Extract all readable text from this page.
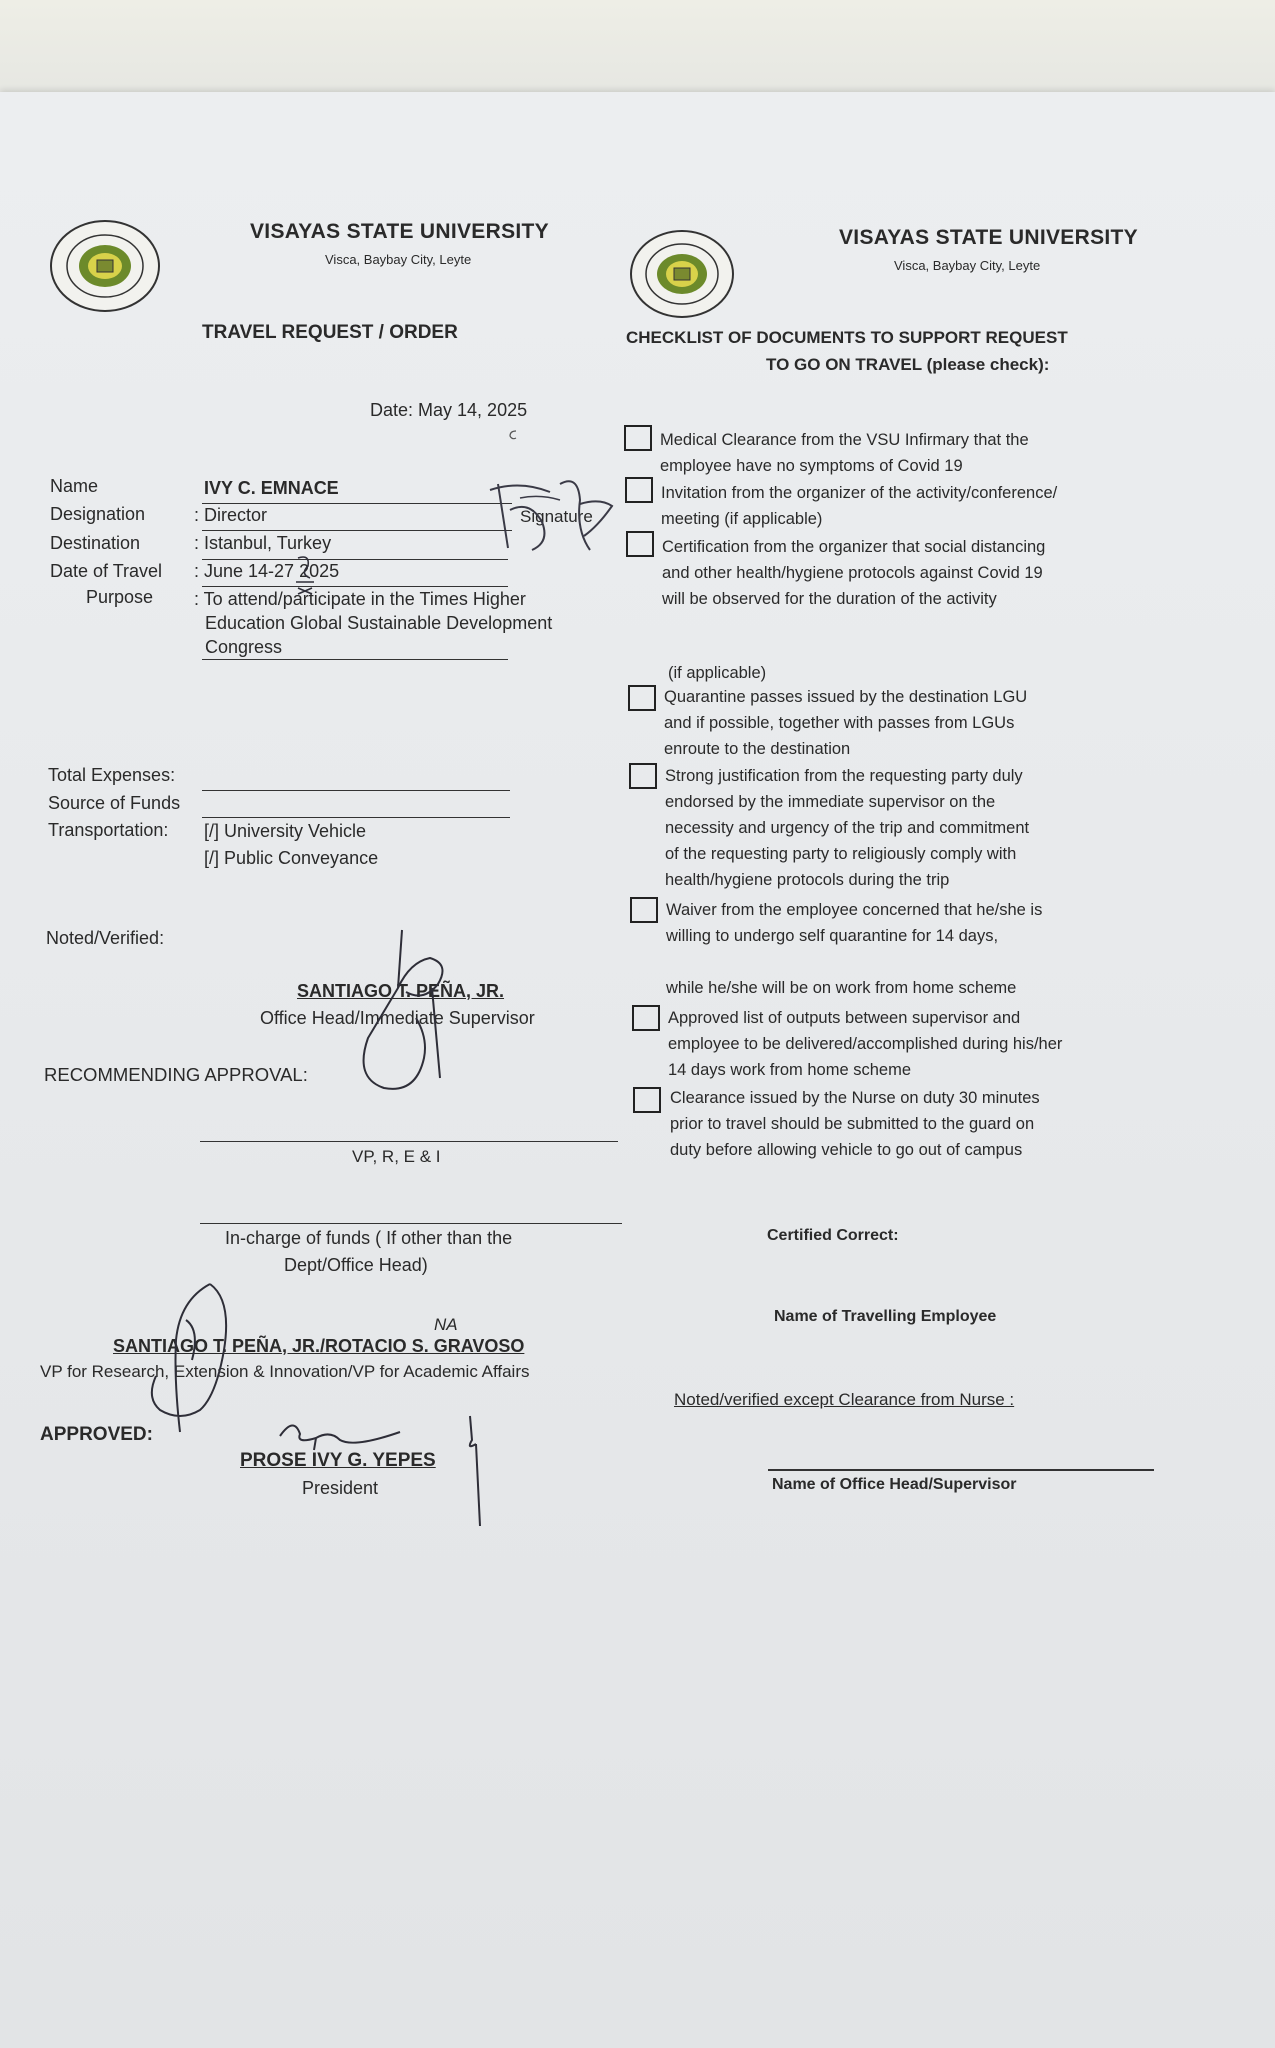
VISAYAS STATE UNIVERSITY
Visca, Baybay City, Leyte
TRAVEL REQUEST / ORDER
Date: May 14, 2025
VISAYAS STATE UNIVERSITY
Visca, Baybay City, Leyte
CHECKLIST OF DOCUMENTS TO SUPPORT REQUEST
TO GO ON TRAVEL (please check):
Name	IVY C. EMNACE
Designation	: Director	Signature
Destination	: Istanbul, Turkey
Date of Travel : June 14-27 2025
Purpose : To attend/participate in the Times Higher
Education Global Sustainable Development
Congress
Total Expenses:
Source of Funds
Transportation: [/] University Vehicle
[/] Public Conveyance
Noted/Verified:
SANTIAGO T. PEÑA, JR.
Office Head/Immediate Supervisor
RECOMMENDING APPROVAL:
VP, R, E & I
In-charge of funds ( If other than the
Dept/Office Head)
NA
SANTIAGO T. PEÑA, JR./ROTACIO S. GRAVOSO
VP for Research, Extension & Innovation/VP for Academic Affairs
APPROVED:
PROSE IVY G. YEPES
President
Medical Clearance from the VSU Infirmary that the
employee have no symptoms of Covid 19
Invitation from the organizer of the activity/conference/
meeting (if applicable)
Certification from the organizer that social distancing
and other health/hygiene protocols against Covid 19
will be observed for the duration of the activity
(if applicable)
Quarantine passes issued by the destination LGU
and if possible, together with passes from LGUs
enroute to the destination
Strong justification from the requesting party duly
endorsed by the immediate supervisor on the
necessity and urgency of the trip and commitment
of the requesting party to religiously comply with
health/hygiene protocols during the trip
Waiver from the employee concerned that he/she is
willing to undergo self quarantine for 14 days,
while he/she will be on work from home scheme
Approved list of outputs between supervisor and
employee to be delivered/accomplished during his/her
14 days work from home scheme
Clearance issued by the Nurse on duty 30 minutes
prior to travel should be submitted to the guard on
duty before allowing vehicle to go out of campus
Certified Correct:
Name of Travelling Employee
Noted/verified except Clearance from Nurse :
Name of Office Head/Supervisor
